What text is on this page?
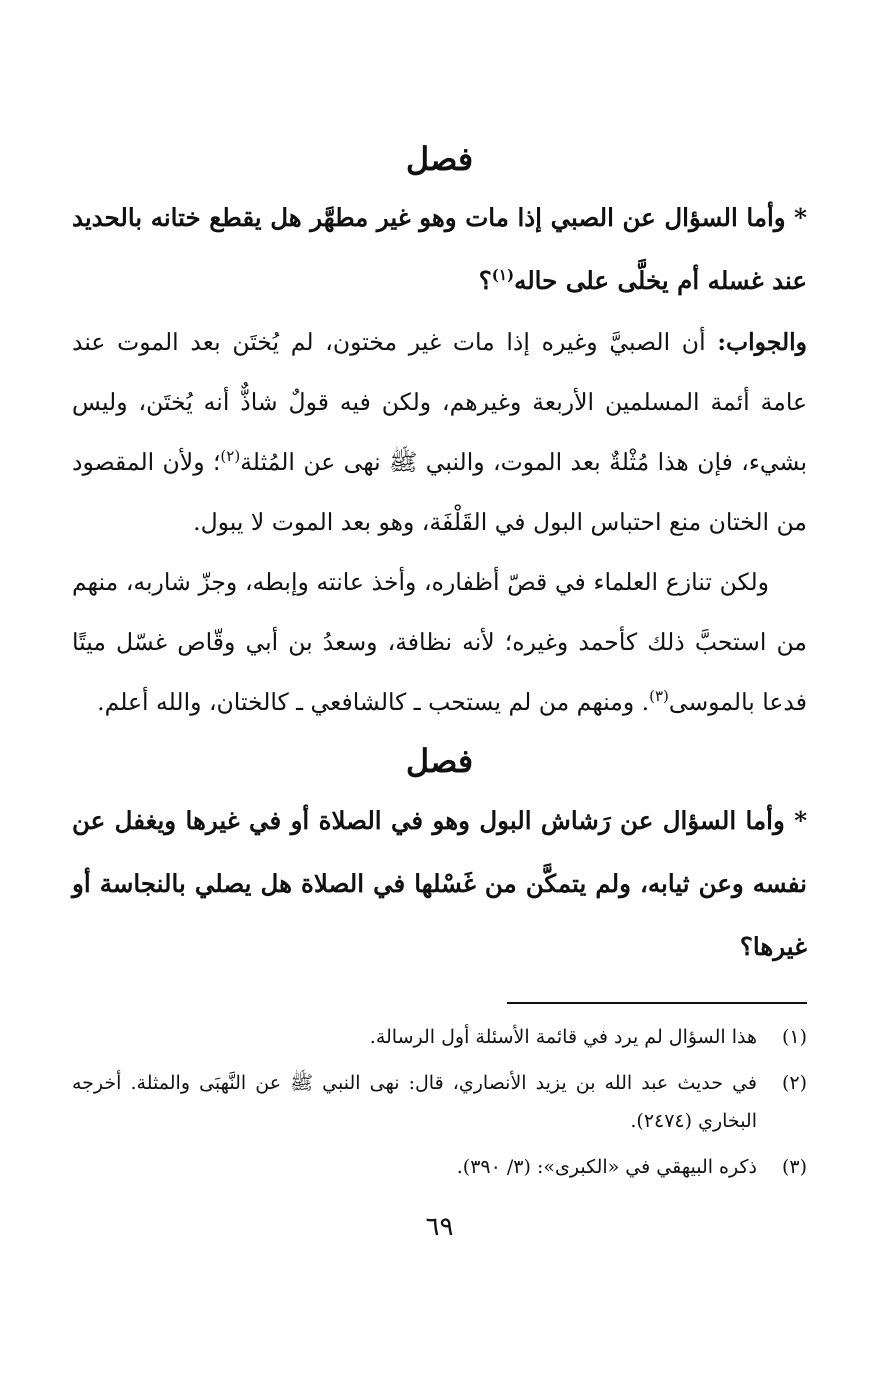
فصل

* وأما السؤال عن الصبي إذا مات وهو غير مطهَّر هل يقطع ختانه بالحديد عند غسله أم يخلَّى على حاله$^{(١)}$؟

والجواب: أن الصبيَّ وغيره إذا مات غير مختون، لم يُختَن بعد الموت عند عامة أئمة المسلمين الأربعة وغيرهم، ولكن فيه قولٌ شاذٌّ أنه يُختَن، وليس بشيء، فإن هذا مُثْلةٌ بعد الموت، والنبي ﷺ نهى عن المُثلة$^{(٢)}$؛ ولأن المقصود من الختان منع احتباس البول في القَلْفَة، وهو بعد الموت لا يبول.

ولكن تنازع العلماء في قصّ أظفاره، وأخذ عانته وإبطه، وجزّ شاربه، منهم من استحبَّ ذلك كأحمد وغيره؛ لأنه نظافة، وسعدُ بن أبي وقّاص غسّل ميتًا فدعا بالموسى$^{(٣)}$. ومنهم من لم يستحب ـ كالشافعي ـ كالختان، والله أعلم.

فصل

* وأما السؤال عن رَشاش البول وهو في الصلاة أو في غيرها ويغفل عن نفسه وعن ثيابه، ولم يتمكَّن من غَسْلها في الصلاة هل يصلي بالنجاسة أو غيرها؟

(١)
هذا السؤال لم يرد في قائمة الأسئلة أول الرسالة.
(٢)
في حديث عبد الله بن يزيد الأنصاري، قال: نهى النبي ﷺ عن النَّهبَى والمثلة. أخرجه البخاري (٢٤٧٤).
(٣)
ذكره البيهقي في «الكبرى»: (٣/ ٣٩٠).
٦٩
